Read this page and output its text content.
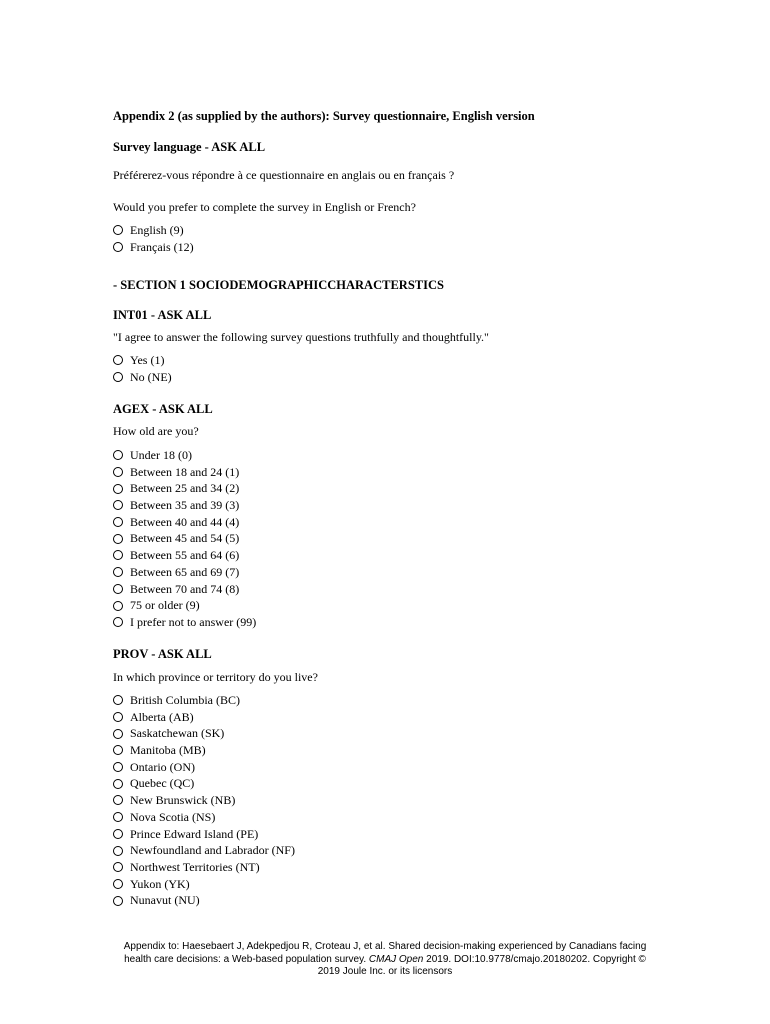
Appendix 2 (as supplied by the authors): Survey questionnaire, English version
Survey language - ASK ALL
Préférerez-vous répondre à ce questionnaire en anglais ou en français ?
Would you prefer to complete the survey in English or French?
English (9)
Français (12)
- SECTION 1 SOCIODEMOGRAPHICCHARACTERSTICS
INT01 - ASK ALL
"I agree to answer the following survey questions truthfully and thoughtfully."
Yes (1)
No (NE)
AGEX - ASK ALL
How old are you?
Under 18 (0)
Between 18 and 24 (1)
Between 25 and 34 (2)
Between 35 and 39 (3)
Between 40 and 44 (4)
Between 45 and 54 (5)
Between 55 and 64 (6)
Between 65 and 69 (7)
Between 70 and 74 (8)
75 or older (9)
I prefer not to answer (99)
PROV - ASK ALL
In which province or territory do you live?
British Columbia (BC)
Alberta (AB)
Saskatchewan (SK)
Manitoba (MB)
Ontario (ON)
Quebec (QC)
New Brunswick (NB)
Nova Scotia (NS)
Prince Edward Island (PE)
Newfoundland and Labrador (NF)
Northwest Territories (NT)
Yukon (YK)
Nunavut (NU)
Appendix to: Haesebaert J, Adekpedjou R, Croteau J, et al. Shared decision-making experienced by Canadians facing
health care decisions: a Web-based population survey. CMAJ Open 2019. DOI:10.9778/cmajo.20180202. Copyright ©
2019 Joule Inc. or its licensors
